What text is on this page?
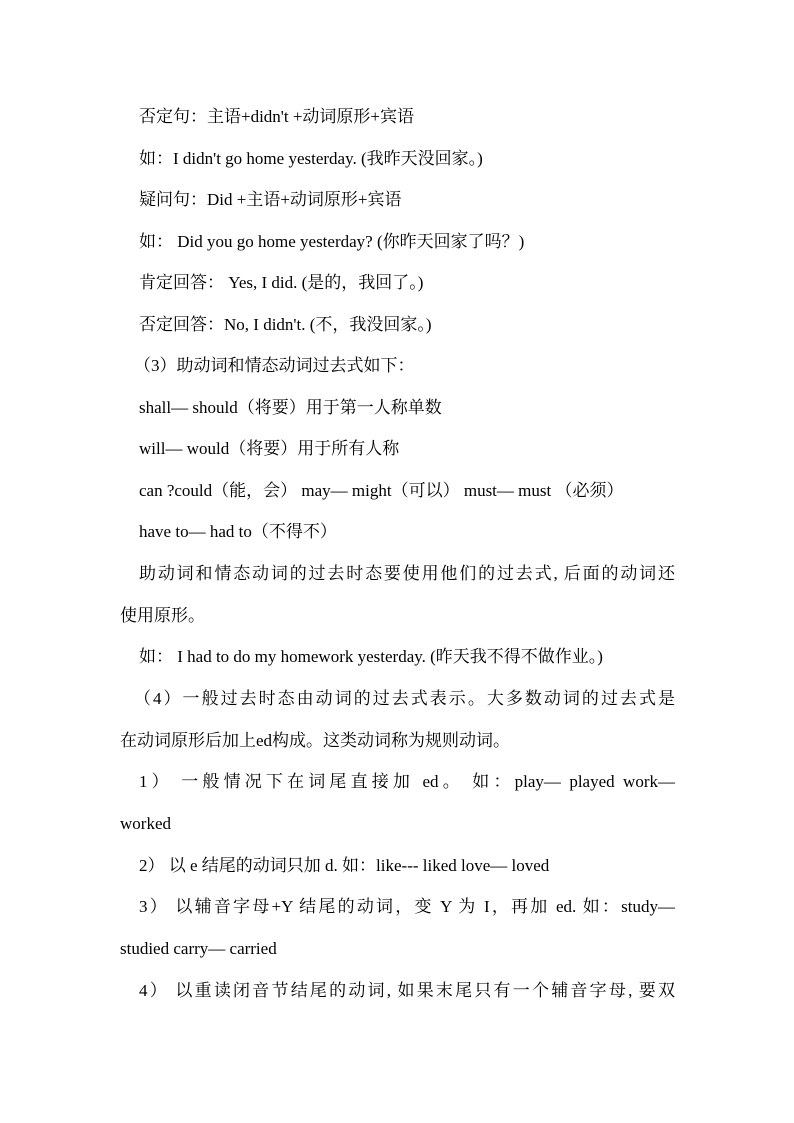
否定句：主语+didn't +动词原形+宾语
如：I didn't go home yesterday. (我昨天没回家。)
疑问句：Did +主语+动词原形+宾语
如： Did you go home yesterday? (你昨天回家了吗？)
肯定回答： Yes, I did. (是的，我回了。)
否定回答：No, I didn't. (不，我没回家。)
（3）助动词和情态动词过去式如下：
shall— should（将要）用于第一人称单数
will— would（将要）用于所有人称
can ?could（能，会） may— might（可以） must— must （必须）
have to— had to（不得不）
助动词和情态动词的过去时态要使用他们的过去式, 后面的动词还
使用原形。
如： I had to do my homework yesterday. (昨天我不得不做作业。)
（4）一般过去时态由动词的过去式表示。大多数动词的过去式是
在动词原形后加上ed构成。这类动词称为规则动词。
1） 一般情况下在词尾直接加 ed。 如：play— played work—
worked
2） 以 e 结尾的动词只加 d. 如：like--- liked love— loved
3） 以辅音字母+Y 结尾的动词，变 Y 为 I，再加 ed. 如：study—
studied carry— carried
4） 以重读闭音节结尾的动词, 如果末尾只有一个辅音字母, 要双
